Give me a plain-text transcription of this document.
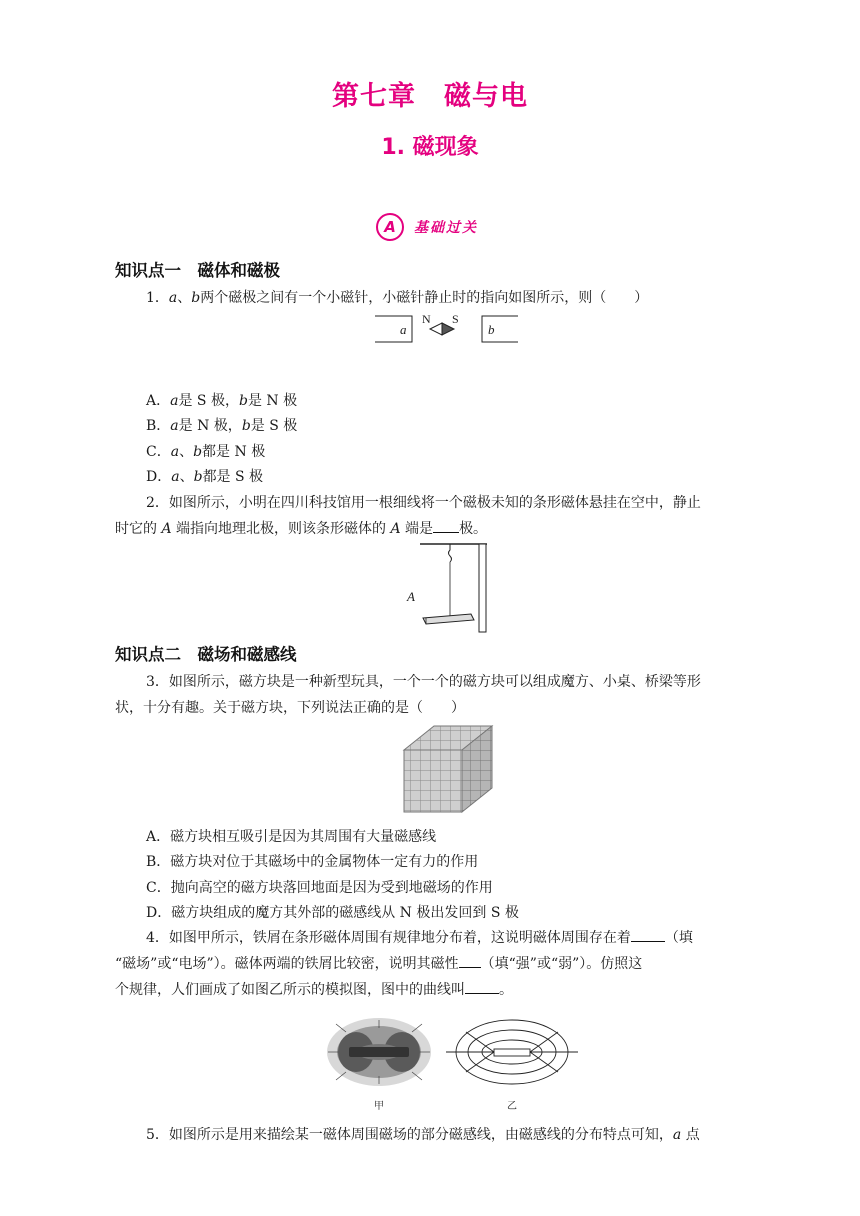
第七章　磁与电
1. 磁现象
A	基础过关
知识点一　磁体和磁极
1．a、b两个磁极之间有一个小磁针，小磁针静止时的指向如图所示，则（　　）
a
N S
b
A．a是 S 极，b是 N 极
B．a是 N 极，b是 S 极
C．a、b都是 N 极
D．a、b都是 S 极
2．如图所示，小明在四川科技馆用一根细线将一个磁极未知的条形磁体悬挂在空中，静止
时它的 A 端指向地理北极，则该条形磁体的 A 端是 极。
A
知识点二　磁场和磁感线
3．如图所示，磁方块是一种新型玩具，一个一个的磁方块可以组成魔方、小桌、桥梁等形
状，十分有趣。关于磁方块，下列说法正确的是（　　）
A．磁方块相互吸引是因为其周围有大量磁感线
B．磁方块对位于其磁场中的金属物体一定有力的作用
C．抛向高空的磁方块落回地面是因为受到地磁场的作用
D．磁方块组成的魔方其外部的磁感线从 N 极出发回到 S 极
4．如图甲所示，铁屑在条形磁体周围有规律地分布着，这说明磁体周围存在着 （填
“磁场”或“电场”）。磁体两端的铁屑比较密，说明其磁性 （填“强”或“弱”）。仿照这
个规律，人们画成了如图乙所示的模拟图，图中的曲线叫 。
甲	乙
5．如图所示是用来描绘某一磁体周围磁场的部分磁感线，由磁感线的分布特点可知，a 点
